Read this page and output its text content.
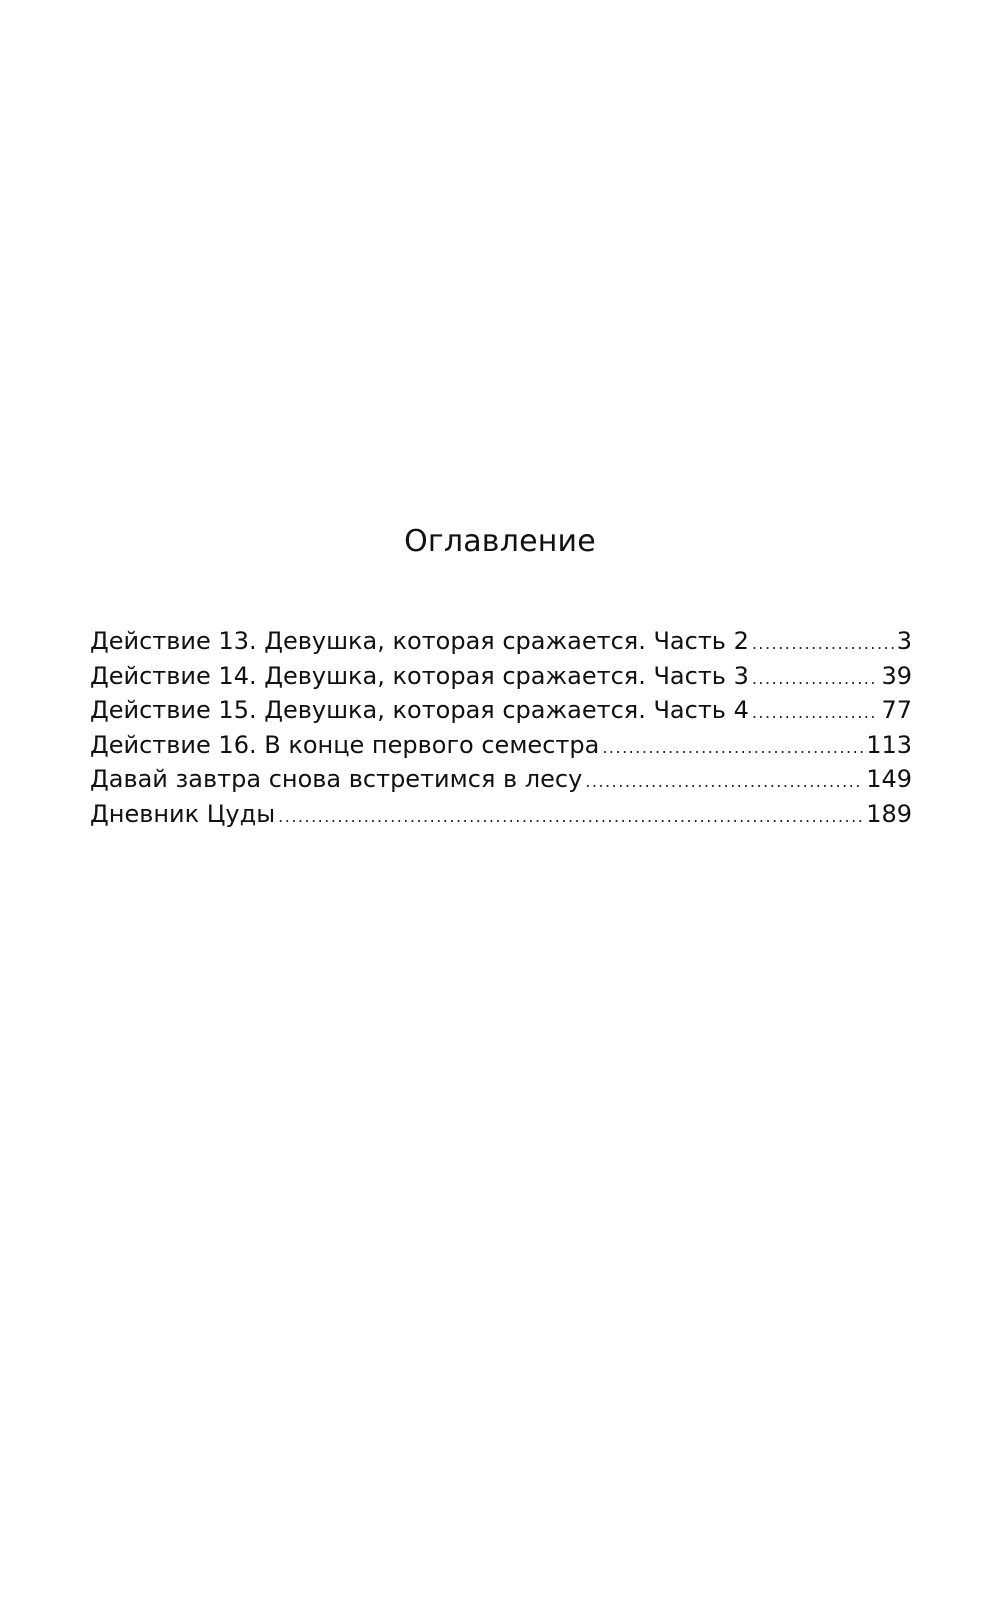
Оглавление
Действие 13. Девушка, которая сражается. Часть 2 .....	3
Действие 14. Девушка, которая сражается. Часть 3 .....	39
Действие 15. Девушка, которая сражается. Часть 4 .....	77
Действие 16. В конце первого семестра .....	113
Давай завтра снова встретимся в лесу .....	149
Дневник Цуды .....	189
